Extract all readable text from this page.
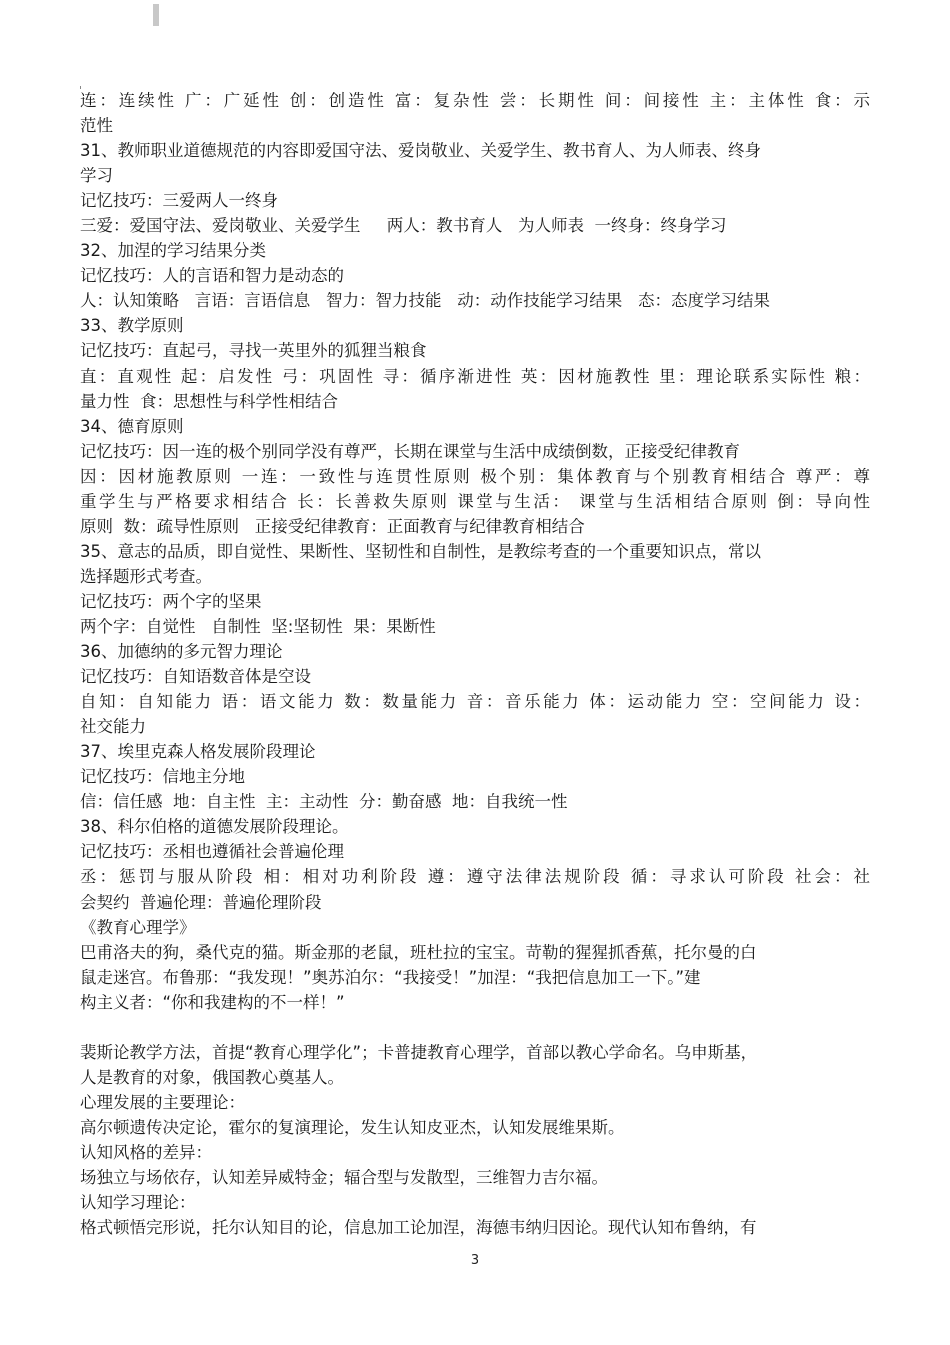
连：连续性 广：广延性 创：创造性 富：复杂性 尝：长期性 间：间接性 主：主体性 食：示
范性
31、教师职业道德规范的内容即爱国守法、爱岗敬业、关爱学生、教书育人、为人师表、终身
学习
记忆技巧：三爱两人一终身
三爱：爱国守法、爱岗敬业、关爱学生     两人：教书育人   为人师表  一终身：终身学习
32、加涅的学习结果分类
记忆技巧：人的言语和智力是动态的
人：认知策略   言语：言语信息   智力：智力技能   动：动作技能学习结果   态：态度学习结果
33、教学原则
记忆技巧：直起弓，寻找一英里外的狐狸当粮食
直：直观性 起：启发性 弓：巩固性 寻：循序渐进性 英：因材施教性 里：理论联系实际性 粮：
量力性  食：思想性与科学性相结合
34、德育原则
记忆技巧：因一连的极个别同学没有尊严，长期在课堂与生活中成绩倒数，正接受纪律教育
因：因材施教原则 一连：一致性与连贯性原则 极个别：集体教育与个别教育相结合 尊严：尊
重学生与严格要求相结合 长：长善救失原则 课堂与生活： 课堂与生活相结合原则 倒：导向性
原则  数：疏导性原则   正接受纪律教育：正面教育与纪律教育相结合
35、意志的品质，即自觉性、果断性、坚韧性和自制性，是教综考查的一个重要知识点，常以
选择题形式考查。
记忆技巧：两个字的坚果
两个字：自觉性   自制性  坚:坚韧性  果：果断性
36、加德纳的多元智力理论
记忆技巧：自知语数音体是空设
自知：自知能力 语：语文能力 数：数量能力 音：音乐能力 体：运动能力 空：空间能力 设：
社交能力
37、埃里克森人格发展阶段理论
记忆技巧：信地主分地
信：信任感  地：自主性  主：主动性  分：勤奋感  地：自我统一性
38、科尔伯格的道德发展阶段理论。
记忆技巧：丞相也遵循社会普遍伦理
丞：惩罚与服从阶段 相：相对功利阶段 遵：遵守法律法规阶段 循：寻求认可阶段 社会：社
会契约  普遍伦理：普遍伦理阶段
《教育心理学》
巴甫洛夫的狗，桑代克的猫。斯金那的老鼠，班杜拉的宝宝。苛勒的猩猩抓香蕉，托尔曼的白
鼠走迷宫。布鲁那：“我发现！”奥苏泊尔：“我接受！”加涅：“我把信息加工一下。”建
构主义者：“你和我建构的不一样！”
裴斯论教学方法，首提“教育心理学化”；卡普捷教育心理学，首部以教心学命名。乌申斯基，
人是教育的对象，俄国教心奠基人。
心理发展的主要理论：
高尔顿遗传决定论，霍尔的复演理论，发生认知皮亚杰，认知发展维果斯。
认知风格的差异：
场独立与场依存，认知差异威特金；辐合型与发散型，三维智力吉尔福。
认知学习理论：
格式顿悟完形说，托尔认知目的论，信息加工论加涅，海德韦纳归因论。现代认知布鲁纳，有
3
